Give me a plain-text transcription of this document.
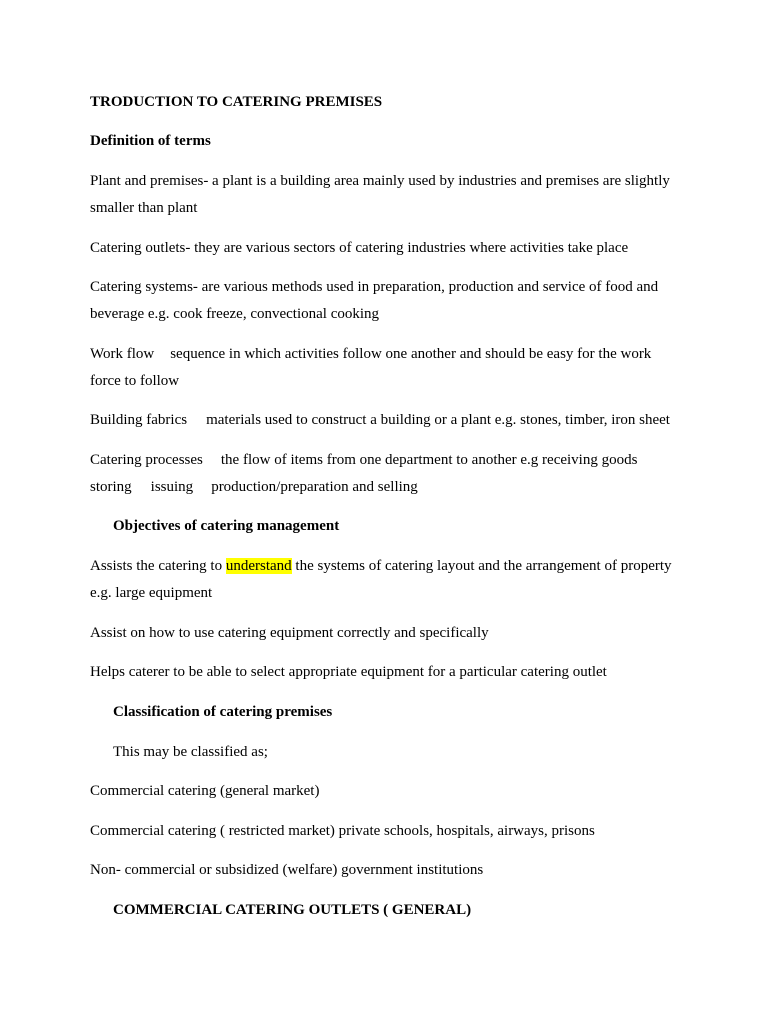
TRODUCTION TO CATERING PREMISES

Definition of terms

Plant and premises- a plant is a building area mainly used by industries and premises are slightly

smaller than plant

Catering outlets- they are various sectors of catering industries where activities take place

Catering systems- are various methods used in preparation, production and service of food and

beverage e.g. cook freeze, convectional cooking

Work flow sequence in which activities follow one another and should be easy for the work

force to follow

Building fabrics materials used to construct a building or a plant e.g. stones, timber, iron sheet

Catering processes the flow of items from one department to another e.g receiving goods

storing issuing production/preparation and selling

Objectives of catering management

Assists the catering to understand the systems of catering layout and the arrangement of property

e.g. large equipment

Assist on how to use catering equipment correctly and specifically

Helps caterer to be able to select appropriate equipment for a particular catering outlet

Classification of catering premises

This may be classified as;

Commercial catering (general market)

Commercial catering ( restricted market) private schools, hospitals, airways, prisons

Non- commercial or subsidized (welfare) government institutions

COMMERCIAL CATERING OUTLETS ( GENERAL)
